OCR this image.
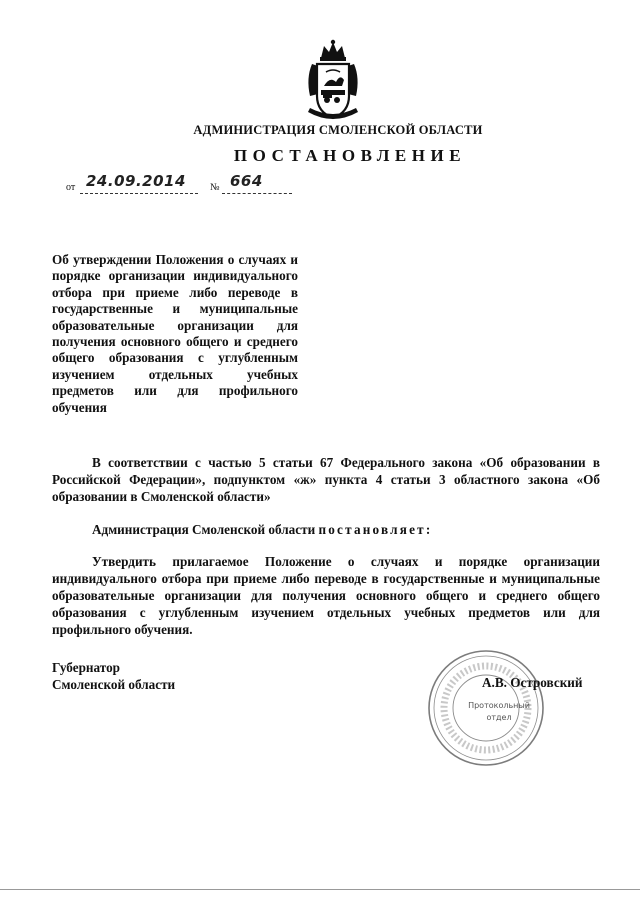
АДМИНИСТРАЦИЯ СМОЛЕНСКОЙ ОБЛАСТИ
ПОСТАНОВЛЕНИЕ
от 24.09.2014 № 664
Об утверждении Положения о случаях и порядке организации индивидуального отбора при приеме либо переводе в государственные и муниципальные образовательные организации для получения основного общего и среднего общего образования с углубленным изучением отдельных учебных предметов или для профильного обучения
В соответствии с частью 5 статьи 67 Федерального закона «Об образовании в Российской Федерации», подпунктом «ж» пункта 4 статьи 3 областного закона «Об образовании в Смоленской области»
Администрация Смоленской области постановляет:
Утвердить прилагаемое Положение о случаях и порядке организации индивидуального отбора при приеме либо переводе в государственные и муниципальные образовательные организации для получения основного общего и среднего общего образования с углубленным изучением отдельных учебных предметов или для профильного обучения.
Губернатор
Смоленской области
Протокольный
отдел
А.В. Островский
